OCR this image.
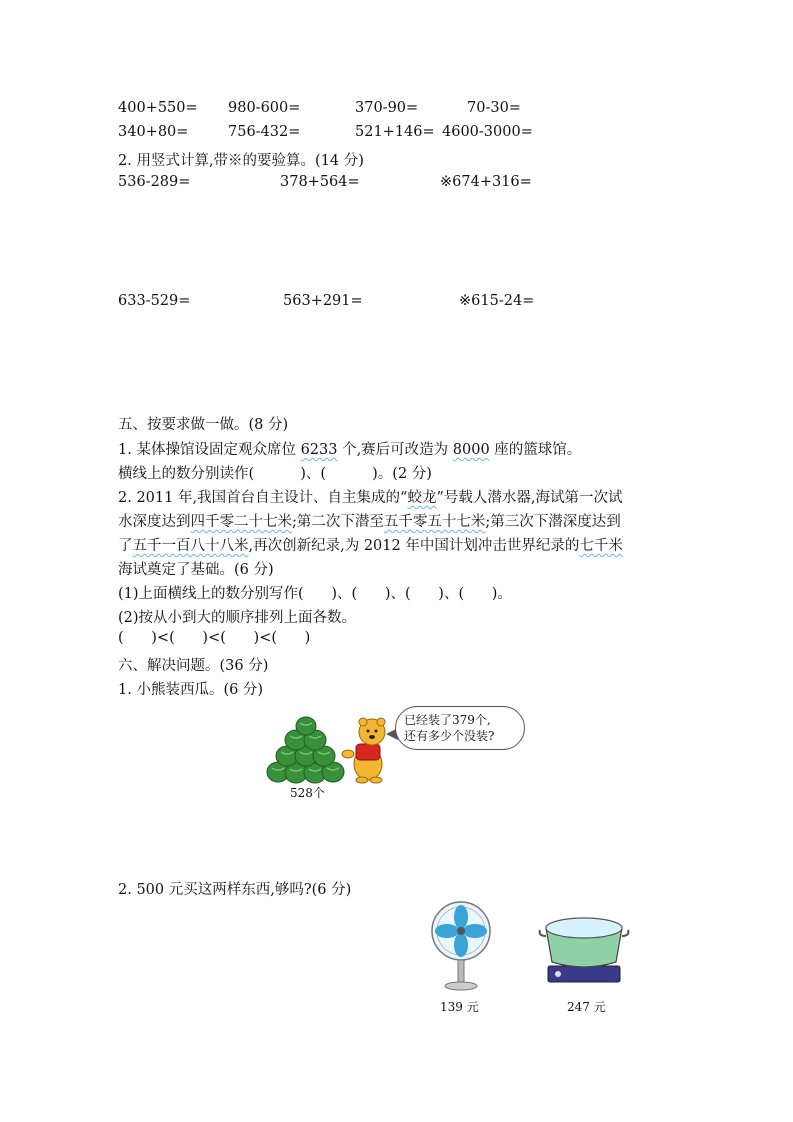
400+550= 980-600=	370-90=	70-30=
340+80=	756-432=	521+146= 4600-3000=
2. 用竖式计算,带※的要验算。(14 分)
536-289=	378+564=	※674+316=
633-529=	563+291=	※615-24=
五、按要求做一做。(8 分)
1. 某体操馆设固定观众席位 6233 个,赛后可改造为 8000 座的篮球馆。
横线上的数分别读作(          )、(          )。(2 分)
2. 2011 年,我国首台自主设计、自主集成的“蛟龙”号载人潜水器,海试第一次试
水深度达到四千零二十七米;第二次下潜至五千零五十七米;第三次下潜深度达到
了五千一百八十八米,再次创新纪录,为 2012 年中国计划冲击世界纪录的七千米
海试奠定了基础。(6 分)
(1)上面横线上的数分别写作(      )、(      )、(      )、(      )。
(2)按从小到大的顺序排列上面各数。
(      )<(      )<(      )<(      )
六、解决问题。(36 分)
1. 小熊装西瓜。(6 分)
已经装了379个,
还有多少个没装?
528个
2. 500 元买这两样东西,够吗?(6 分)
139 元	247 元
